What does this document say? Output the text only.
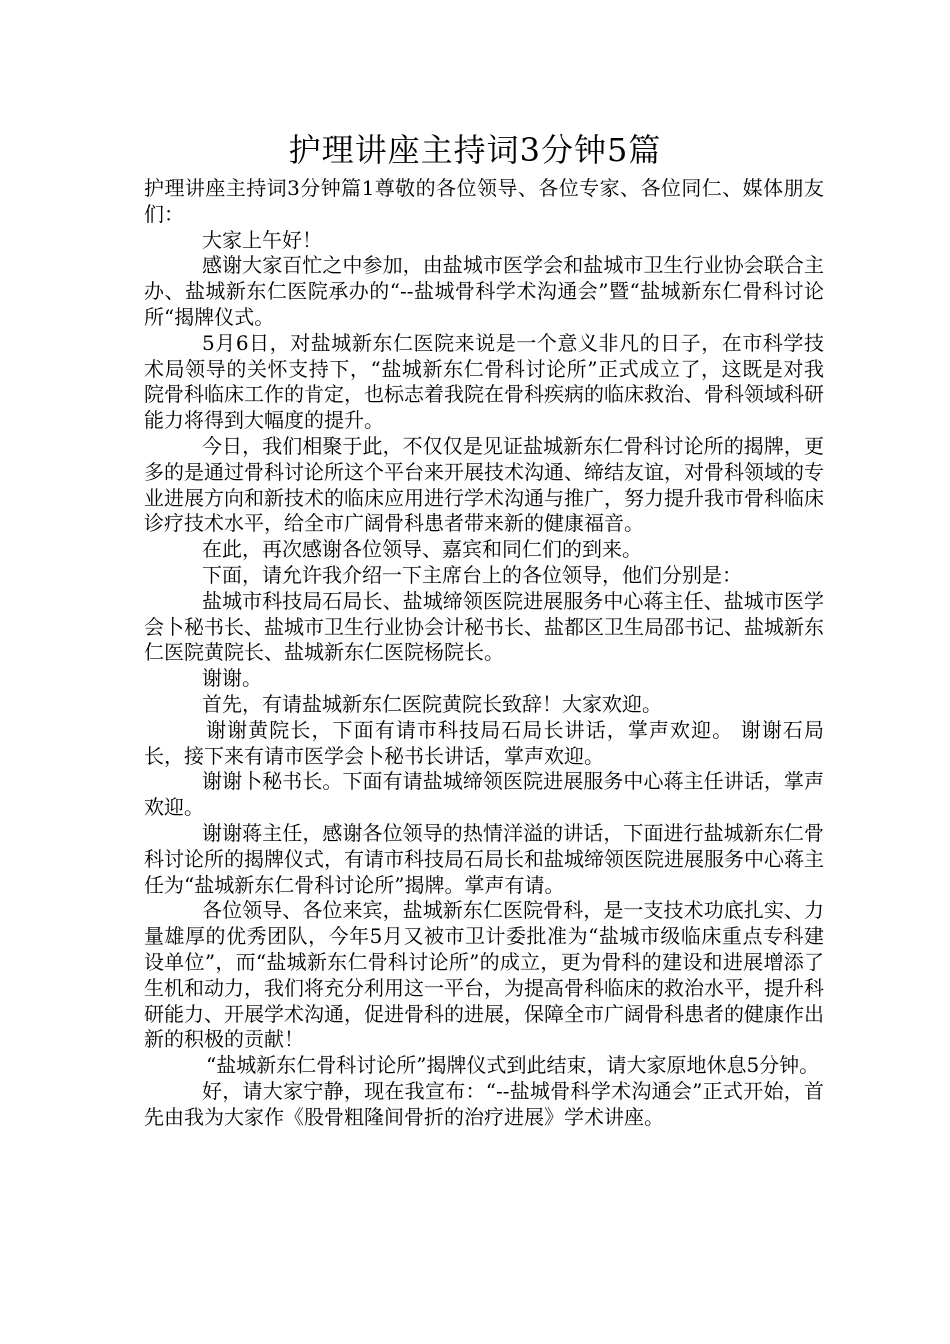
护理讲座主持词3分钟5篇

护理讲座主持词3分钟篇1尊敬的各位领导、各位专家、各位同仁、媒体朋友们：

大家上午好！

感谢大家百忙之中参加，由盐城市医学会和盐城市卫生行业协会联合主办、盐城新东仁医院承办的“--盐城骨科学术沟通会”暨“盐城新东仁骨科讨论所“揭牌仪式。

5月6日，对盐城新东仁医院来说是一个意义非凡的日子，在市科学技术局领导的关怀支持下，“盐城新东仁骨科讨论所”正式成立了，这既是对我院骨科临床工作的肯定，也标志着我院在骨科疾病的临床救治、骨科领域科研能力将得到大幅度的提升。

今日，我们相聚于此，不仅仅是见证盐城新东仁骨科讨论所的揭牌，更多的是通过骨科讨论所这个平台来开展技术沟通、缔结友谊，对骨科领域的专业进展方向和新技术的临床应用进行学术沟通与推广，努力提升我市骨科临床诊疗技术水平，给全市广阔骨科患者带来新的健康福音。

在此，再次感谢各位领导、嘉宾和同仁们的到来。

下面，请允许我介绍一下主席台上的各位领导，他们分别是：

盐城市科技局石局长、盐城缔领医院进展服务中心蒋主任、盐城市医学会卜秘书长、盐城市卫生行业协会计秘书长、盐都区卫生局邵书记、盐城新东仁医院黄院长、盐城新东仁医院杨院长。

谢谢。

首先，有请盐城新东仁医院黄院长致辞！大家欢迎。

谢谢黄院长，下面有请市科技局石局长讲话，掌声欢迎。 谢谢石局长，接下来有请市医学会卜秘书长讲话，掌声欢迎。

谢谢卜秘书长。下面有请盐城缔领医院进展服务中心蒋主任讲话，掌声欢迎。

谢谢蒋主任，感谢各位领导的热情洋溢的讲话，下面进行盐城新东仁骨科讨论所的揭牌仪式，有请市科技局石局长和盐城缔领医院进展服务中心蒋主任为“盐城新东仁骨科讨论所”揭牌。掌声有请。

各位领导、各位来宾，盐城新东仁医院骨科，是一支技术功底扎实、力量雄厚的优秀团队，今年5月又被市卫计委批准为“盐城市级临床重点专科建设单位”，而“盐城新东仁骨科讨论所”的成立，更为骨科的建设和进展增添了生机和动力，我们将充分利用这一平台，为提高骨科临床的救治水平，提升科研能力、开展学术沟通，促进骨科的进展，保障全市广阔骨科患者的健康作出新的积极的贡献！

“盐城新东仁骨科讨论所”揭牌仪式到此结束，请大家原地休息5分钟。

好，请大家宁静，现在我宣布：“--盐城骨科学术沟通会”正式开始，首先由我为大家作《股骨粗隆间骨折的治疗进展》学术讲座。
